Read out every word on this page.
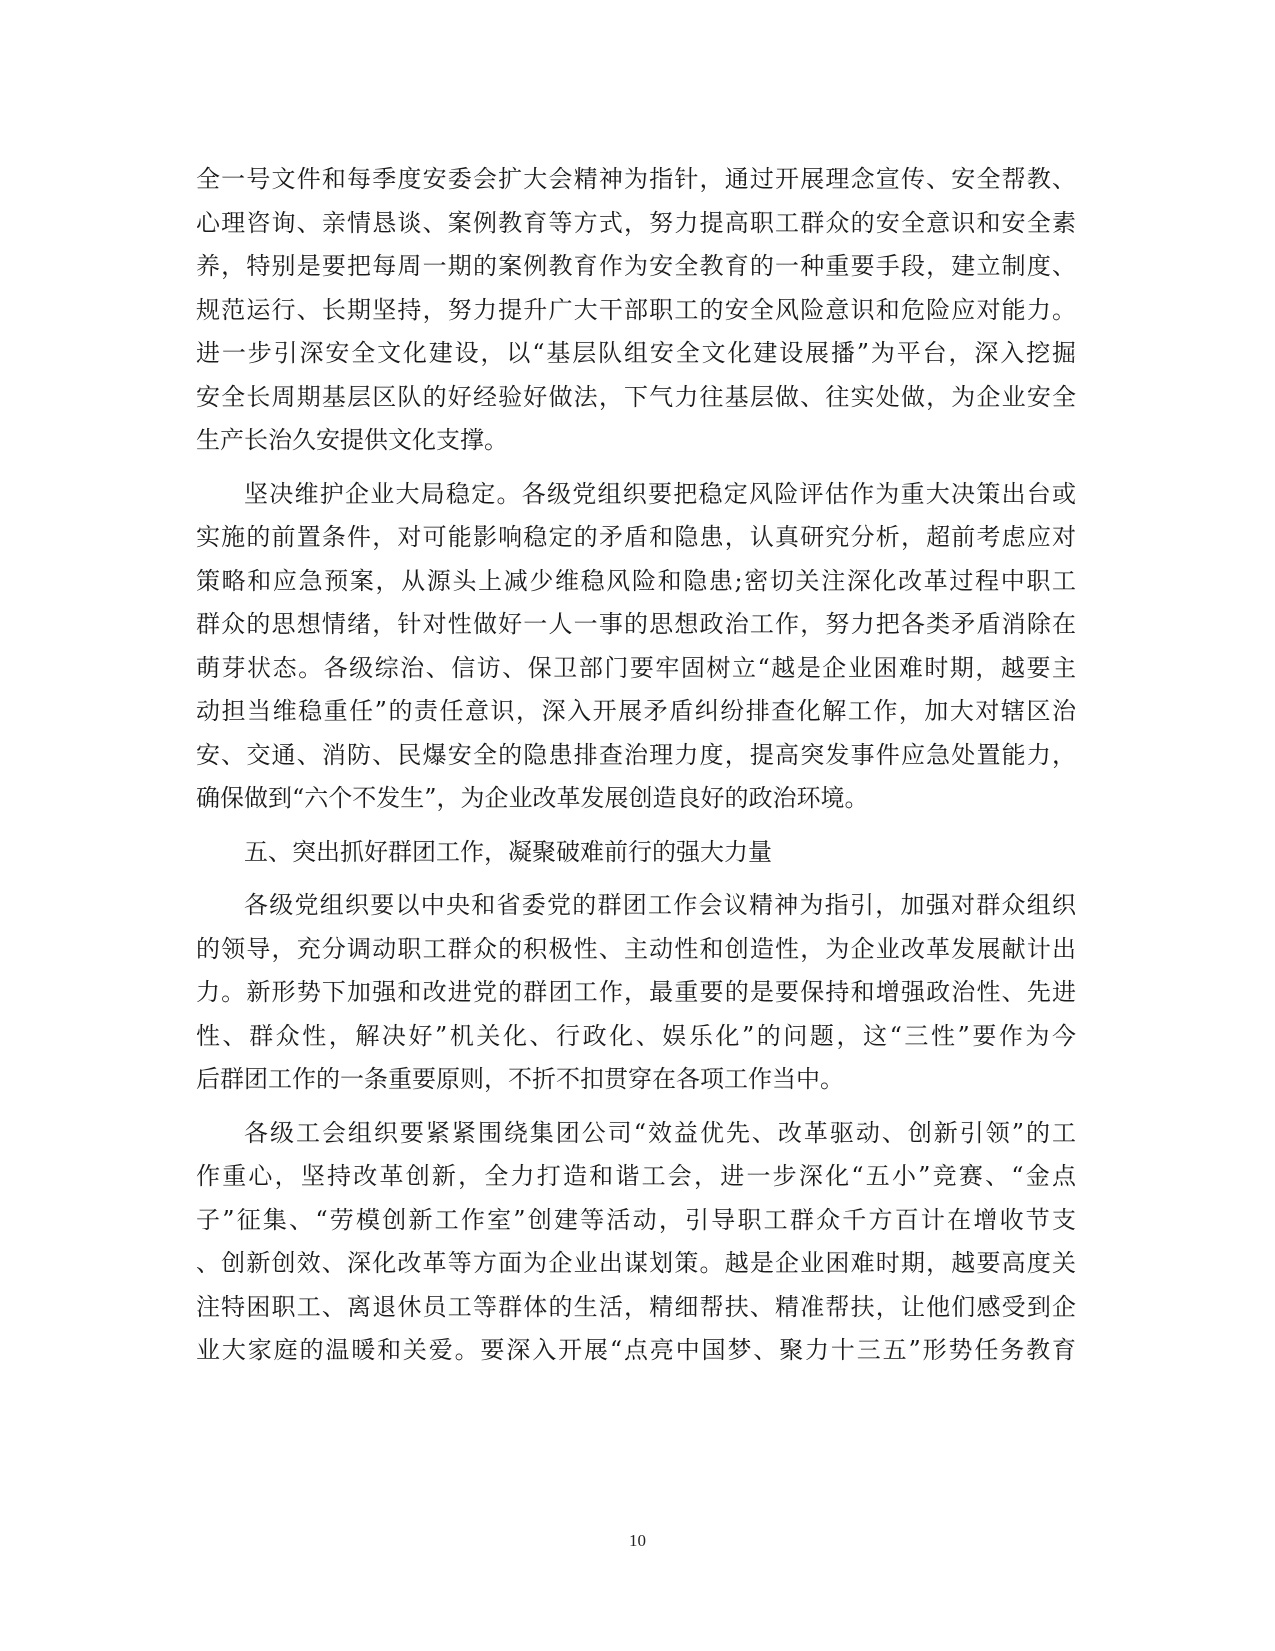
全一号文件和每季度安委会扩大会精神为指针，通过开展理念宣传、安全帮教、
心理咨询、亲情恳谈、案例教育等方式，努力提高职工群众的安全意识和安全素
养，特别是要把每周一期的案例教育作为安全教育的一种重要手段，建立制度、
规范运行、长期坚持，努力提升广大干部职工的安全风险意识和危险应对能力。
进一步引深安全文化建设，以“基层队组安全文化建设展播”为平台，深入挖掘
安全长周期基层区队的好经验好做法，下气力往基层做、往实处做，为企业安全
生产长治久安提供文化支撑。
坚决维护企业大局稳定。各级党组织要把稳定风险评估作为重大决策出台或
实施的前置条件，对可能影响稳定的矛盾和隐患，认真研究分析，超前考虑应对
策略和应急预案，从源头上减少维稳风险和隐患;密切关注深化改革过程中职工
群众的思想情绪，针对性做好一人一事的思想政治工作，努力把各类矛盾消除在
萌芽状态。各级综治、信访、保卫部门要牢固树立“越是企业困难时期，越要主
动担当维稳重任”的责任意识，深入开展矛盾纠纷排查化解工作，加大对辖区治
安、交通、消防、民爆安全的隐患排查治理力度，提高突发事件应急处置能力，
确保做到“六个不发生”，为企业改革发展创造良好的政治环境。
五、突出抓好群团工作，凝聚破难前行的强大力量
各级党组织要以中央和省委党的群团工作会议精神为指引，加强对群众组织
的领导，充分调动职工群众的积极性、主动性和创造性，为企业改革发展献计出
力。新形势下加强和改进党的群团工作，最重要的是要保持和增强政治性、先进
性、群众性，解决好”机关化、行政化、娱乐化”的问题，这“三性”要作为今
后群团工作的一条重要原则，不折不扣贯穿在各项工作当中。
各级工会组织要紧紧围绕集团公司“效益优先、改革驱动、创新引领”的工
作重心，坚持改革创新，全力打造和谐工会，进一步深化“五小”竞赛、“金点
子”征集、“劳模创新工作室”创建等活动，引导职工群众千方百计在增收节支
、创新创效、深化改革等方面为企业出谋划策。越是企业困难时期，越要高度关
注特困职工、离退休员工等群体的生活，精细帮扶、精准帮扶，让他们感受到企
业大家庭的温暖和关爱。要深入开展“点亮中国梦、聚力十三五”形势任务教育
10
